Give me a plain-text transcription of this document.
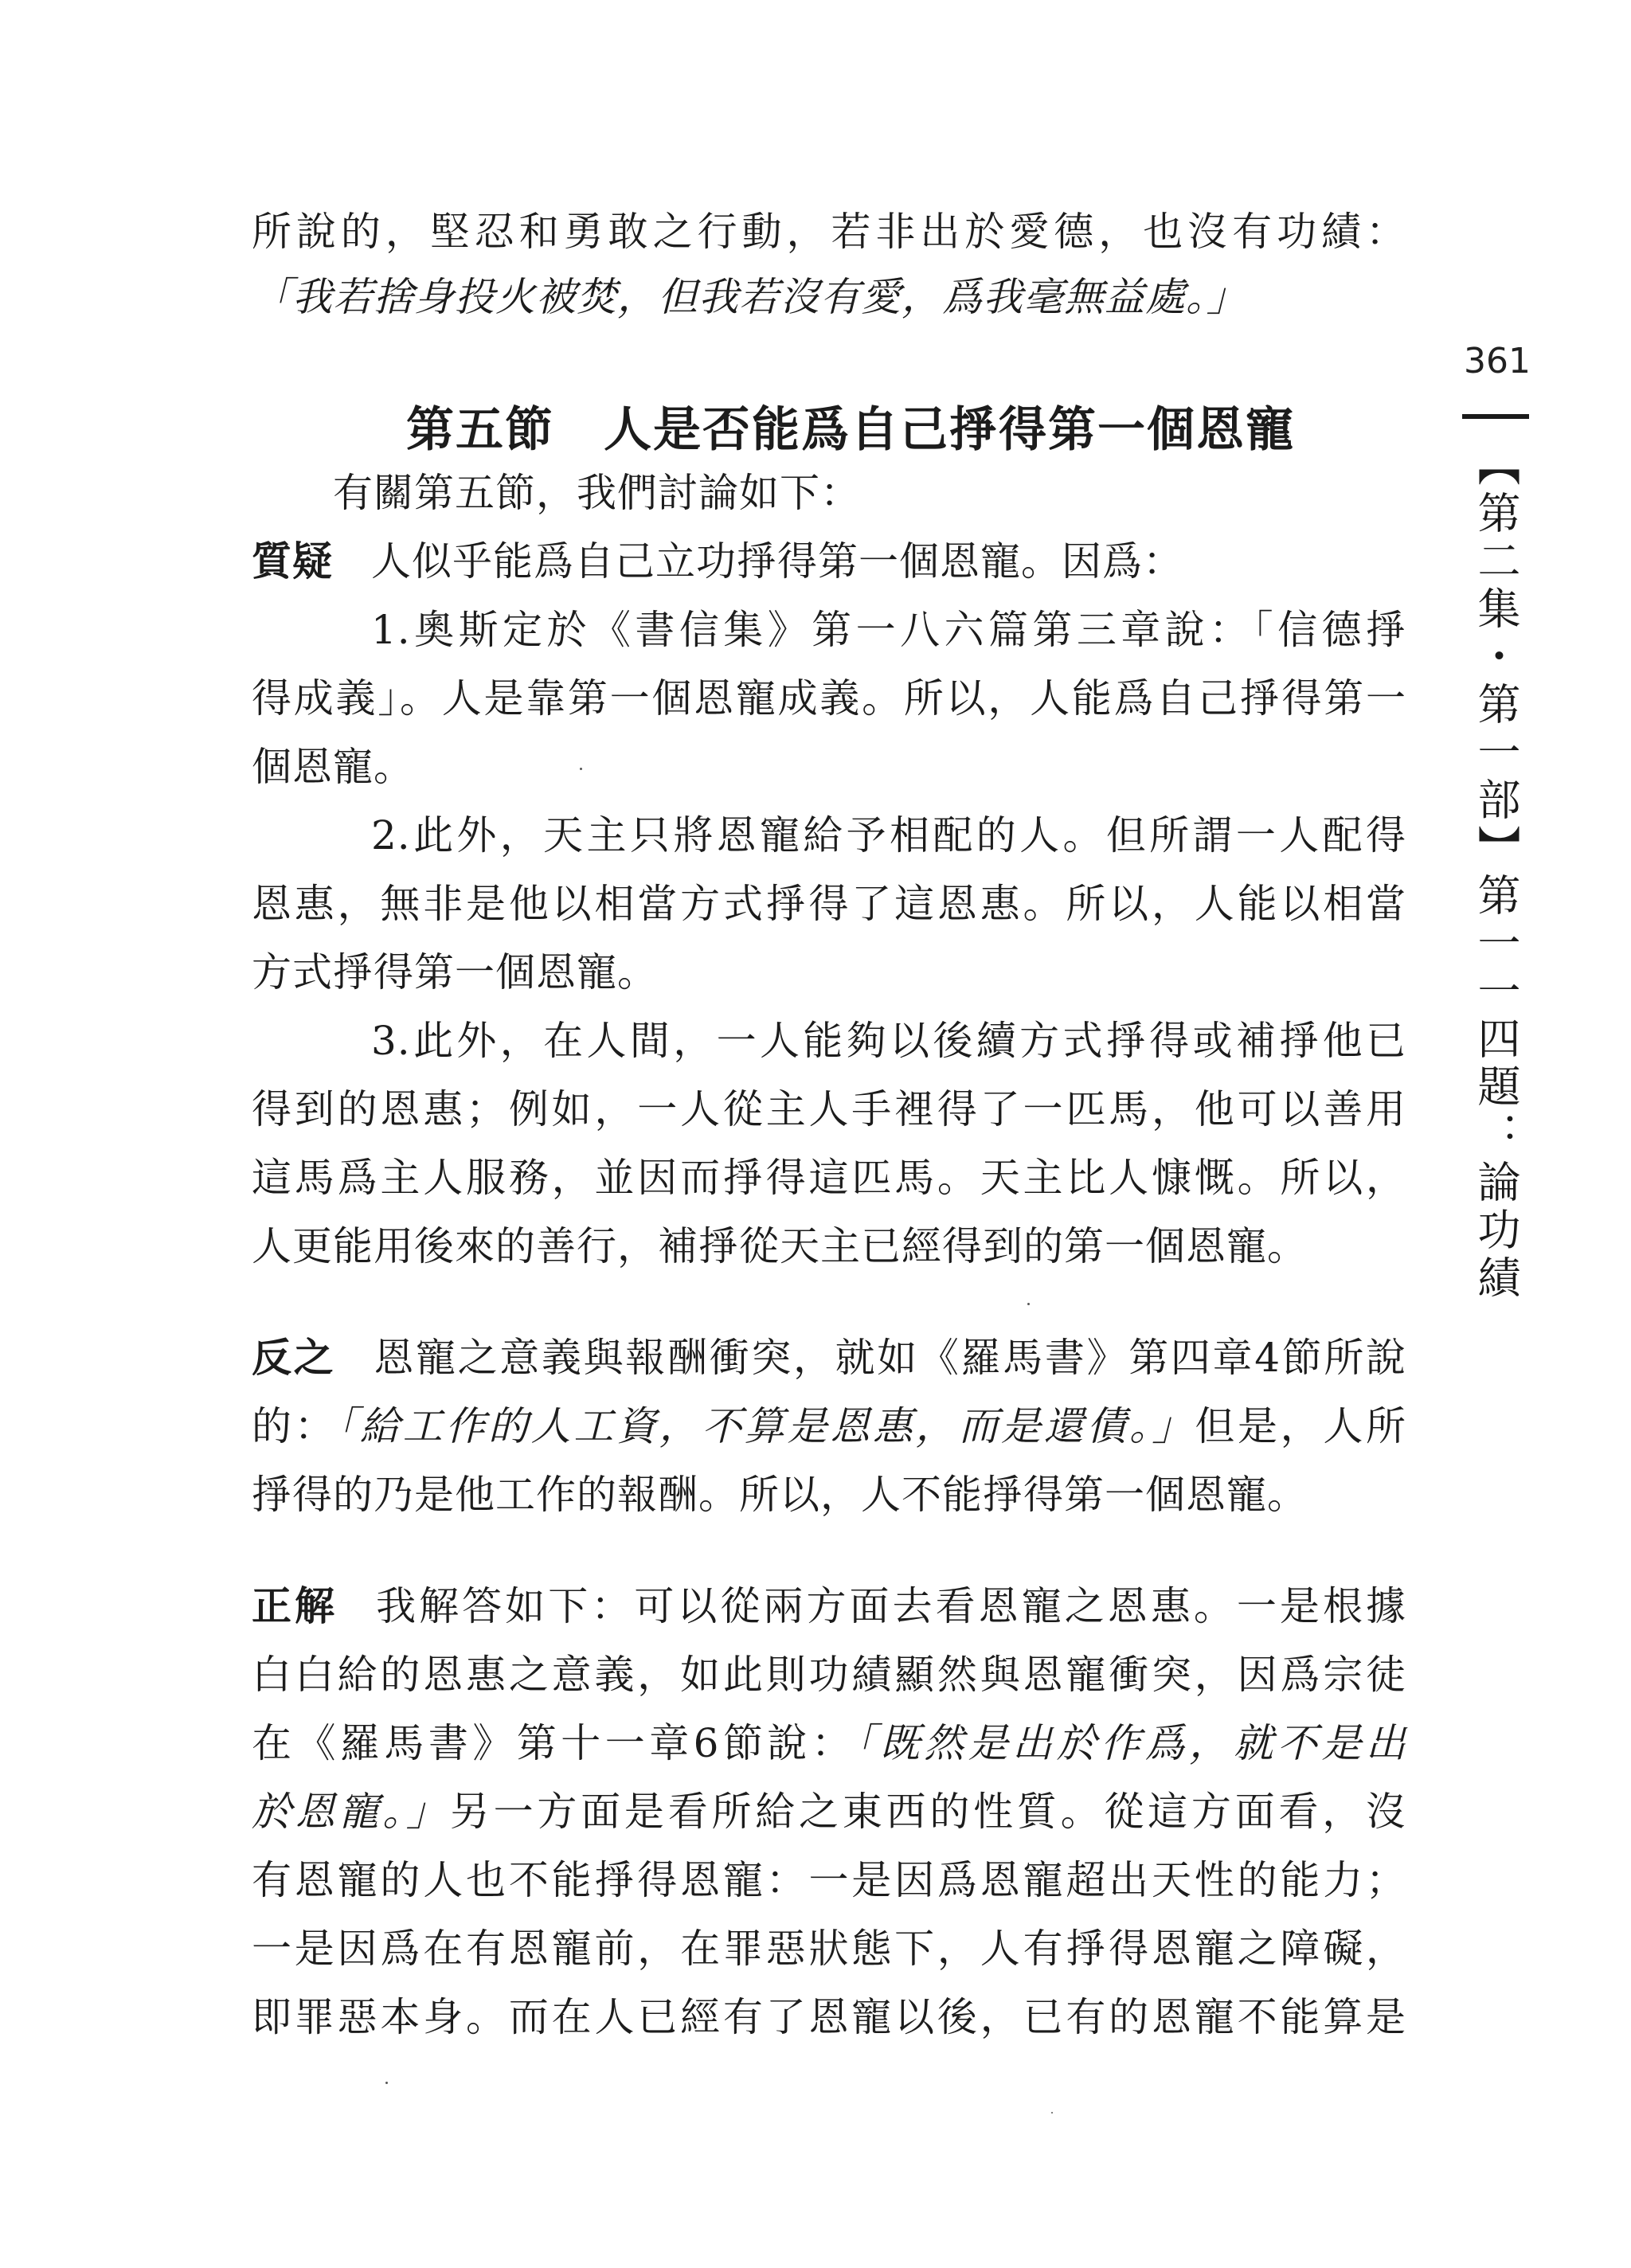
361
【第二集・第一部】第一一四題：論功績
所說的，堅忍和勇敢之行動，若非出於愛德，也沒有功績：
「我若捨身投火被焚，但我若沒有愛，爲我毫無益處。」
第五節　人是否能爲自己掙得第一個恩寵
有關第五節，我們討論如下：
質疑 人似乎能爲自己立功掙得第一個恩寵。因爲：
1.奧斯定於《書信集》第一八六篇第三章說：「信德掙
得成義」。人是靠第一個恩寵成義。所以，人能爲自己掙得第一
個恩寵。
2.此外，天主只將恩寵給予相配的人。但所謂一人配得
恩惠，無非是他以相當方式掙得了這恩惠。所以，人能以相當
方式掙得第一個恩寵。
3.此外，在人間，一人能夠以後續方式掙得或補掙他已
得到的恩惠；例如，一人從主人手裡得了一匹馬，他可以善用
這馬爲主人服務，並因而掙得這匹馬。天主比人慷慨。所以，
人更能用後來的善行，補掙從天主已經得到的第一個恩寵。
反之 恩寵之意義與報酬衝突，就如《羅馬書》第四章4節所說
的：「給工作的人工資，不算是恩惠，而是還債。」但是，人所
掙得的乃是他工作的報酬。所以，人不能掙得第一個恩寵。
正解 我解答如下：可以從兩方面去看恩寵之恩惠。一是根據
白白給的恩惠之意義，如此則功績顯然與恩寵衝突，因爲宗徒
在《羅馬書》第十一章6節說：「既然是出於作爲，就不是出
於恩寵。」另一方面是看所給之東西的性質。從這方面看，沒
有恩寵的人也不能掙得恩寵：一是因爲恩寵超出天性的能力；
一是因爲在有恩寵前，在罪惡狀態下，人有掙得恩寵之障礙，
即罪惡本身。而在人已經有了恩寵以後，已有的恩寵不能算是
